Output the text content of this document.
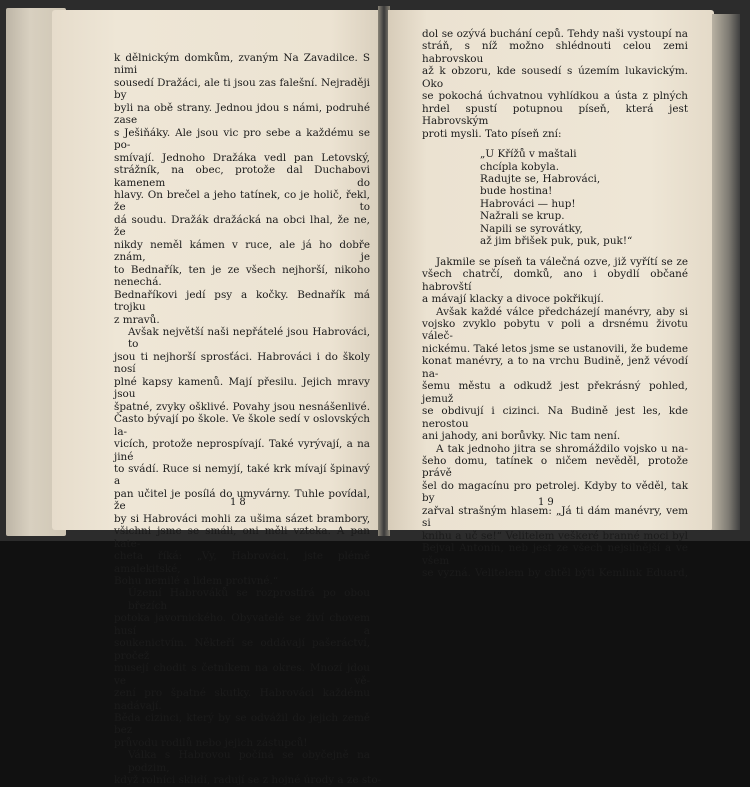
k dělnickým domkům, zvaným Na Zavadilce. S nimi
sousedí Dražáci, ale ti jsou zas falešní. Nejraději by
byli na obě strany. Jednou jdou s námi, podruhé zase
s Ješiňáky. Ale jsou vic pro sebe a každému se po-
smívají. Jednoho Dražáka vedl pan Letovský, strážník, na obec, protože dal Duchabovi kamenem do
hlavy. On brečel a jeho tatínek, co je holič, řekl, že to
dá soudu. Dražák dražácká na obci lhal, že ne, že
nikdy neměl kámen v ruce, ale já ho dobře znám, je
to Bednařík, ten je ze všech nejhorší, nikoho nenechá.
Bednaříkovi jedí psy a kočky. Bednařík má trojku
z mravů.
Avšak největší naši nepřátelé jsou Habrováci, to
jsou ti nejhorší sprosťáci. Habrováci i do školy nosí
plné kapsy kamenů. Mají přesilu. Jejich mravy jsou
špatné, zvyky ošklivé. Povahy jsou nesnášenlivé.
Často bývají po škole. Ve škole sedí v oslovských la-
vicích, protože neprospívají. Také vyrývají, a na jiné
to svádí. Ruce si nemyjí, také krk mívají špinavý a
pan učitel je posílá do umyvárny. Tuhle povídal, že
by si Habrováci mohli za ušima sázet brambory,
všichni jsme se smáli, oni měli vzteka. A pan kate-
cheta říká: „Vy, Habrováci, jste plémě amalekitské,
Bohu nemilé a lidem protivné.“
Území Habrováků se rozprostírá po obou březích
potoka javornického. Obyvatelé se živí chovem husí a
soukenictvím. Někteří se oddávají pašeráctví, pročež
musejí chodit s četníkem na okres. Mnozí jdou ve vě-
zení pro špatné skutky. Habrováci každému nadávají.
Běda cizinci, který by se odvážil do jejich země bez
průvodu rodilů nebo jejich zástupců!
Válka s Habrovou počíná se obyčejně na podzim,
když rolníci sklidí, radují se z hojné úrody a ze sto-
18
dol se ozývá buchání cepů. Tehdy naši vystoupí na
stráň, s níž možno shlédnouti celou zemi habrovskou
až k obzoru, kde sousedí s územím lukavickým. Oko
se pokochá úchvatnou vyhlídkou a ústa z plných
hrdel spustí potupnou píseň, která jest Habrovským
proti mysli. Tato píseň zní:
„U Křížů v maštali
chcípla kobyla.
Radujte se, Habrováci,
bude hostina!
Habrováci — hup!
Nažrali se krup.
Napili se syrovátky,
až jim břišek puk, puk, puk!“
Jakmile se píseň ta válečná ozve, již vyřítí se ze
všech chatrčí, domků, ano i obydlí občané habrovští
a mávají klacky a divoce pokřikují.
Avšak každé válce předcházejí manévry, aby si
vojsko zvyklo pobytu v poli a drsnému životu váleč-
nickému. Také letos jsme se ustanovili, že budeme
konat manévry, a to na vrchu Budině, jenž vévodí na-
šemu městu a odkudž jest překrásný pohled, jemuž
se obdivují i cizinci. Na Budině jest les, kde nerostou
ani jahody, ani borůvky. Nic tam není.
A tak jednoho jitra se shromáždilo vojsko u na-
šeho domu, tatínek o ničem nevěděl, protože právě
šel do magacínu pro petrolej. Kdyby to věděl, tak by
zařval strašným hlasem: „Já ti dám manévry, vem si
knihu a uč se!“ Velitelem veškeré branné moci byl
Bejval Antonín, neb jest ze všech nejsilnější a ve všem
se vyzná. Velitelem by chtěl býti Kemlink Eduard,
19
